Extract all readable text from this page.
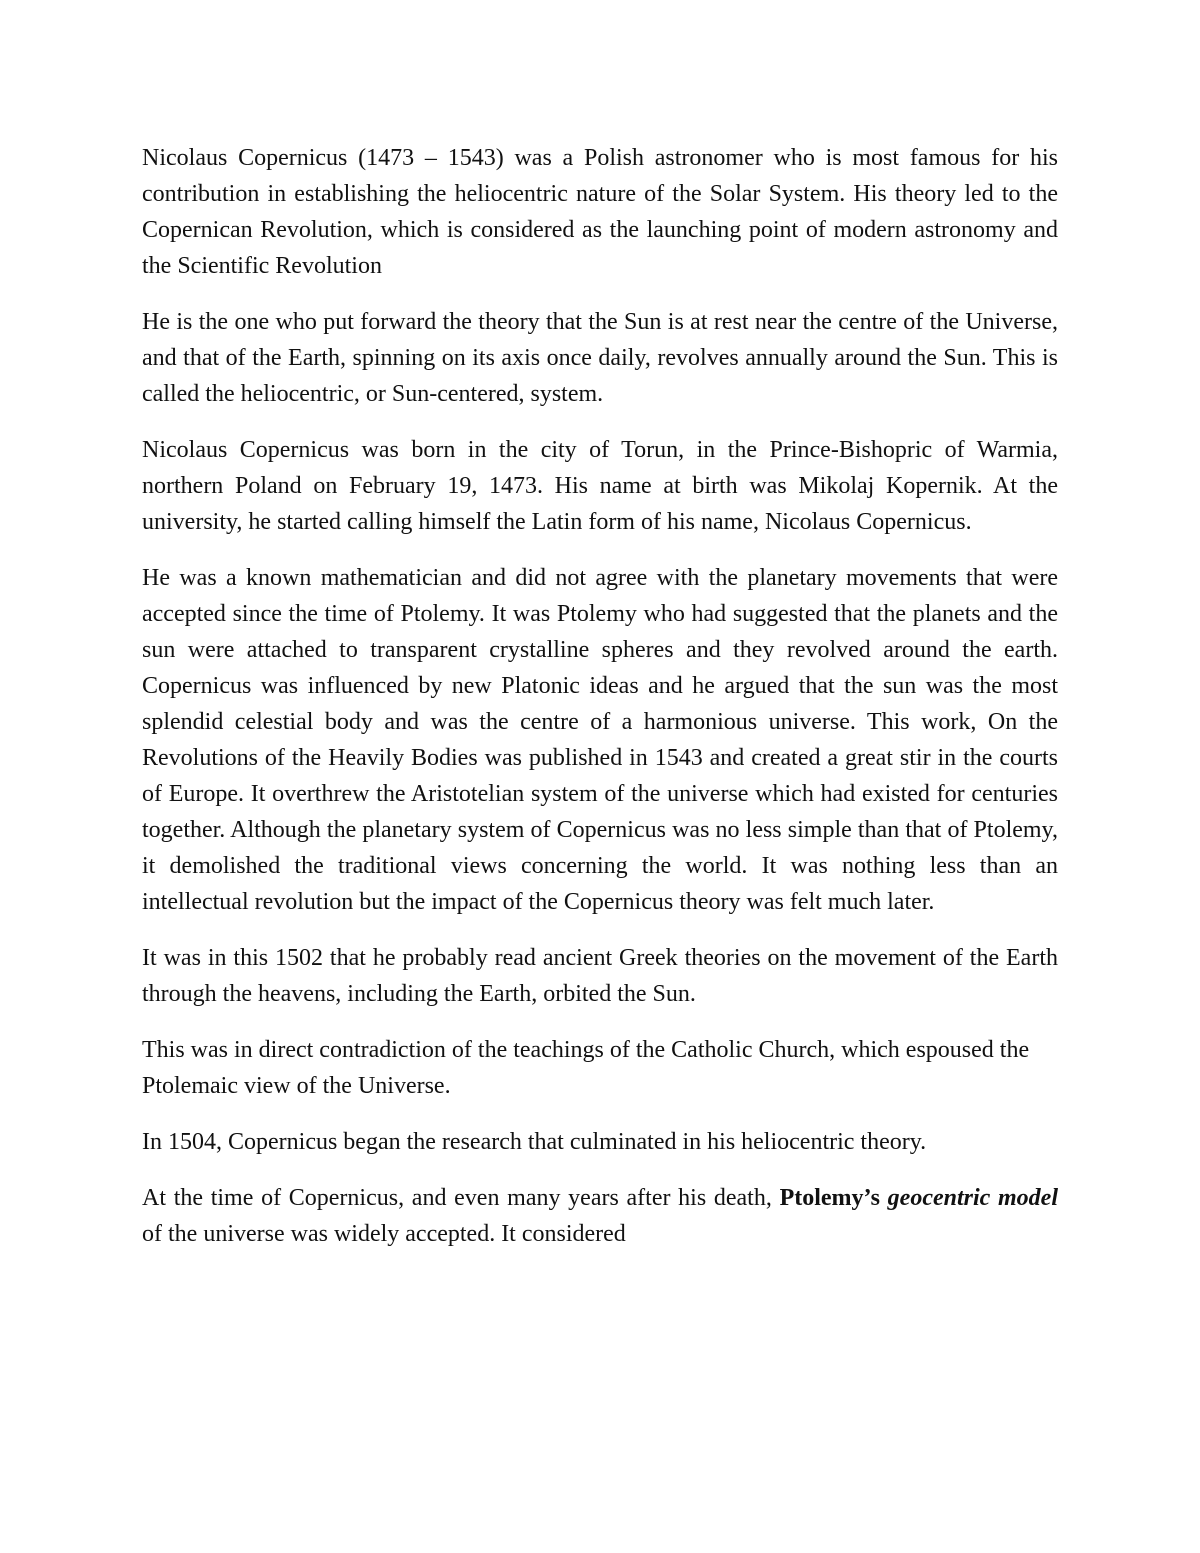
Nicolaus Copernicus (1473 – 1543) was a Polish astronomer who is most famous for his contribution in establishing the heliocentric nature of the Solar System. His theory led to the Copernican Revolution, which is considered as the launching point of modern astronomy and the Scientific Revolution

He is the one who put forward the theory that the Sun is at rest near the centre of the Universe, and that of the Earth, spinning on its axis once daily, revolves annually around the Sun. This is called the heliocentric, or Sun-centered, system.

Nicolaus Copernicus was born in the city of Torun, in the Prince-Bishopric of Warmia, northern Poland on February 19, 1473. His name at birth was Mikolaj Kopernik. At the university, he started calling himself the Latin form of his name, Nicolaus Copernicus.

He was a known mathematician and did not agree with the planetary movements that were accepted since the time of Ptolemy. It was Ptolemy who had suggested that the planets and the sun were attached to transparent crystalline spheres and they revolved around the earth. Copernicus was influenced by new Platonic ideas and he argued that the sun was the most splendid celestial body and was the centre of a harmonious universe. This work, On the Revolutions of the Heavily Bodies was published in 1543 and created a great stir in the courts of Europe. It overthrew the Aristotelian system of the universe which had existed for centuries together. Although the planetary system of Copernicus was no less simple than that of Ptolemy, it demolished the traditional views concerning the world. It was nothing less than an intellectual revolution but the impact of the Copernicus theory was felt much later.

It was in this 1502 that he probably read ancient Greek theories on the movement of the Earth through the heavens, including the Earth, orbited the Sun.

This was in direct contradiction of the teachings of the Catholic Church, which espoused the Ptolemaic view of the Universe.

In 1504, Copernicus began the research that culminated in his heliocentric theory.

At the time of Copernicus, and even many years after his death, Ptolemy’s geocentric model of the universe was widely accepted. It considered
